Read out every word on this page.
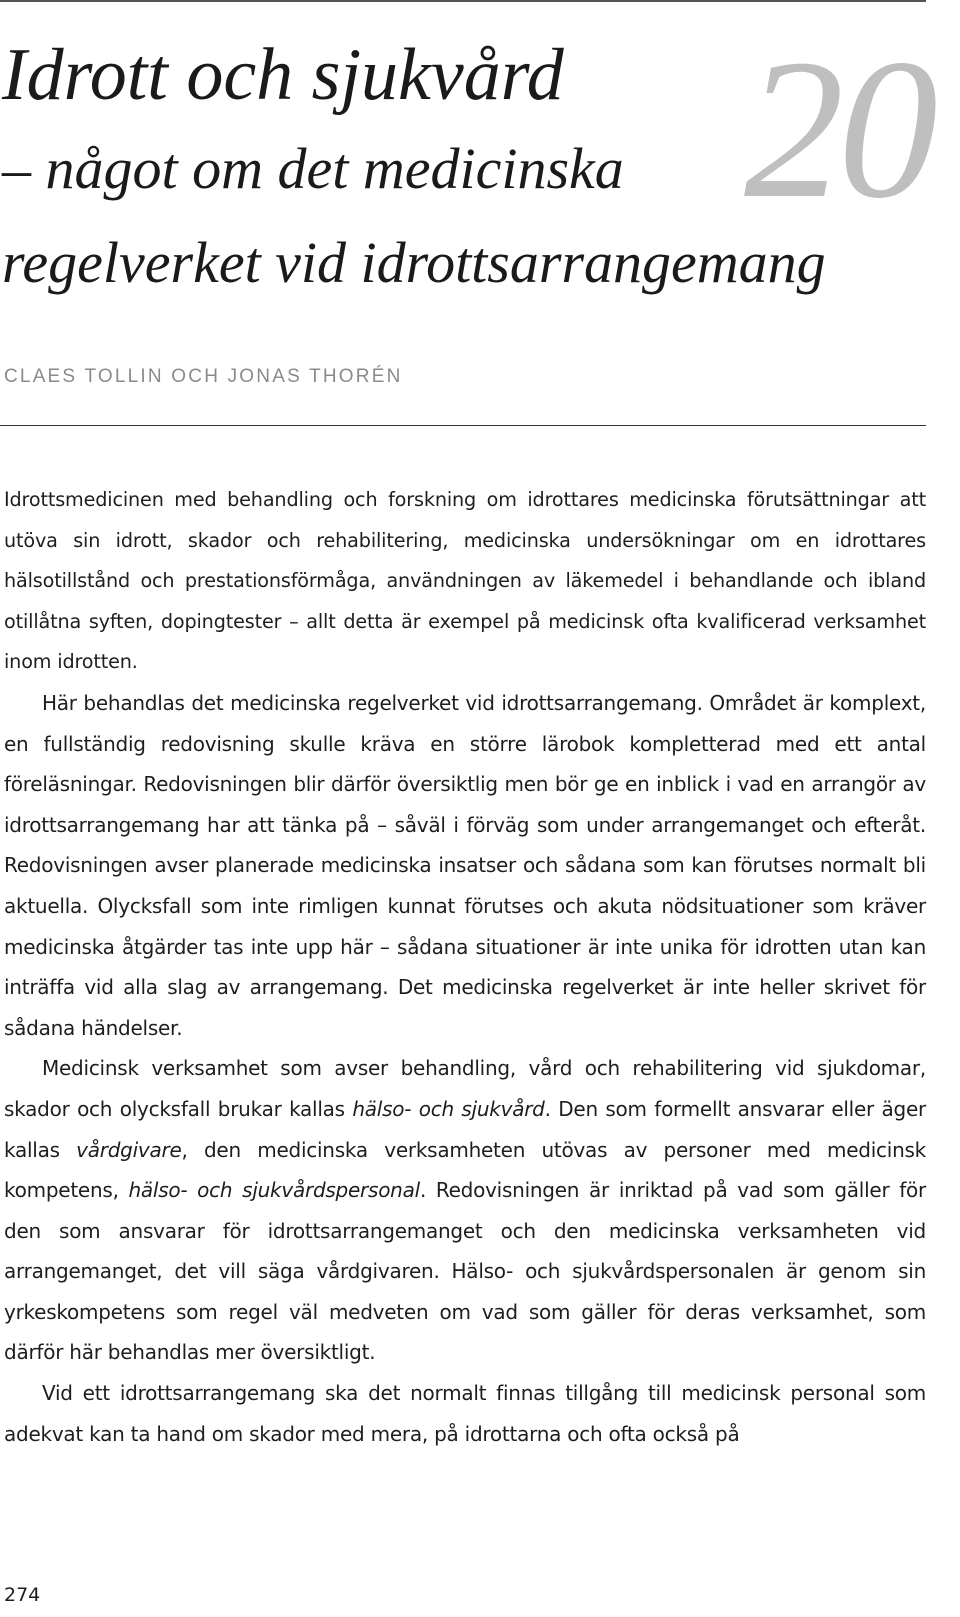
20
Idrott och sjukvård
– något om det medicinska
regelverket vid idrottsarrangemang
CLAES TOLLIN OCH JONAS THORÉN

Idrottsmedicinen med behandling och forskning om idrottares medicinska förutsättningar att utöva sin idrott, skador och rehabilitering, medicinska undersökningar om en idrottares hälsotillstånd och prestationsförmåga, användningen av läkemedel i behandlande och ibland otillåtna syften, dopingtester – allt detta är exempel på medicinsk ofta kvalificerad verksamhet inom idrotten.

Här behandlas det medicinska regelverket vid idrottsarrangemang. Området är komplext, en fullständig redovisning skulle kräva en större lärobok kompletterad med ett antal föreläsningar. Redovisningen blir därför översiktlig men bör ge en inblick i vad en arrangör av idrottsarrangemang har att tänka på – såväl i förväg som under arrangemanget och efteråt. Redovisningen avser planerade medicinska insatser och sådana som kan förutses normalt bli aktuella. Olycksfall som inte rimligen kunnat förutses och akuta nödsituationer som kräver medicinska åtgärder tas inte upp här – sådana situationer är inte unika för idrotten utan kan inträffa vid alla slag av arrangemang. Det medicinska regelverket är inte heller skrivet för sådana händelser.

Medicinsk verksamhet som avser behandling, vård och rehabilitering vid sjukdomar, skador och olycksfall brukar kallas hälso- och sjukvård. Den som formellt ansvarar eller äger kallas vårdgivare, den medicinska verksamheten utövas av personer med medicinsk kompetens, hälso- och sjukvårdspersonal. Redovisningen är inriktad på vad som gäller för den som ansvarar för idrottsarrangemanget och den medicinska verksamheten vid arrangemanget, det vill säga vårdgivaren. Hälso- och sjukvårdspersonalen är genom sin yrkeskompetens som regel väl medveten om vad som gäller för deras verksamhet, som därför här behandlas mer översiktligt.

Vid ett idrottsarrangemang ska det normalt finnas tillgång till medicinsk personal som adekvat kan ta hand om skador med mera, på idrottarna och ofta också på

274
